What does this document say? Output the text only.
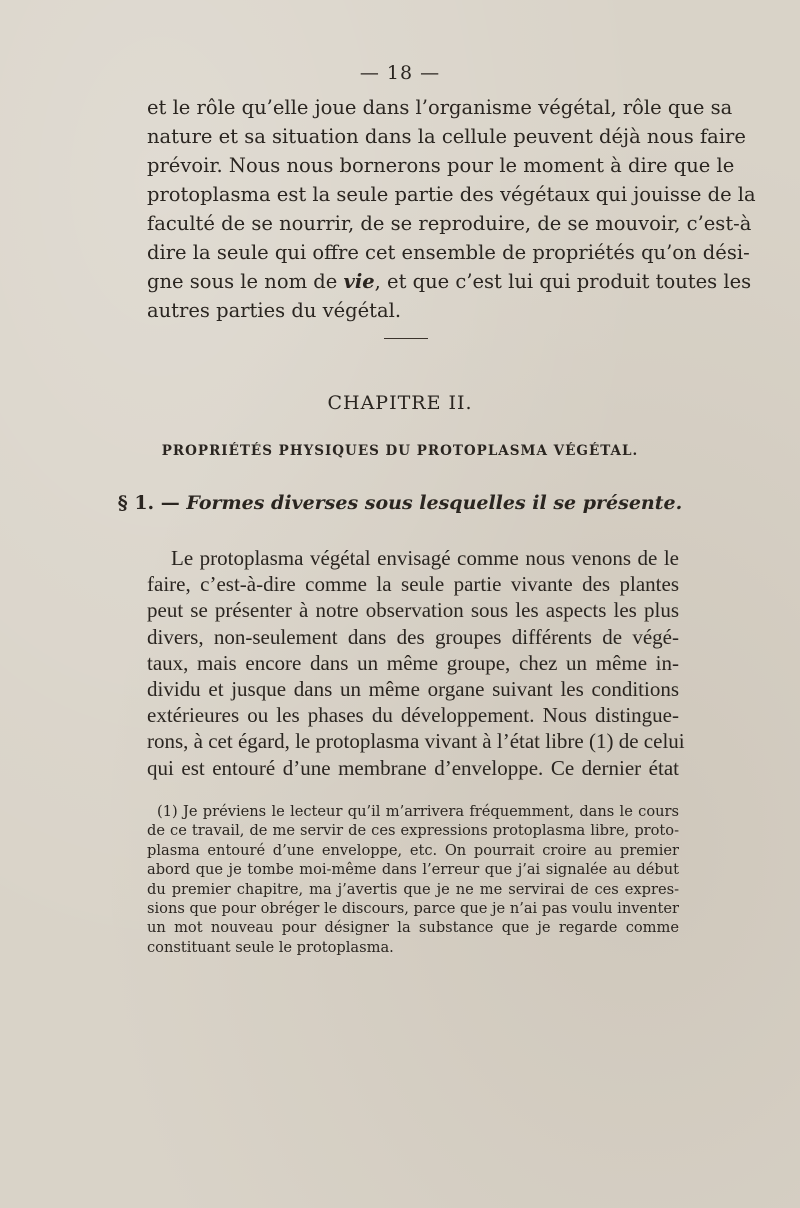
— 18 —
et le rôle qu’elle joue dans l’organisme végétal, rôle que sa
nature et sa situation dans la cellule peuvent déjà nous faire
prévoir. Nous nous bornerons pour le moment à dire que le
protoplasma est la seule partie des végétaux qui jouisse de la
faculté de se nourrir, de se reproduire, de se mouvoir, c’est-à
dire la seule qui offre cet ensemble de propriétés qu’on dési-
gne sous le nom de vie, et que c’est lui qui produit toutes les
autres parties du végétal.
CHAPITRE II.
PROPRIÉTÉS PHYSIQUES DU PROTOPLASMA VÉGÉTAL.
§ 1. — Formes diverses sous lesquelles il se présente.
Le protoplasma végétal envisagé comme nous venons de le
faire, c’est-à-dire comme la seule partie vivante des plantes
peut se présenter à notre observation sous les aspects les plus
divers, non-seulement dans des groupes différents de végé-
taux, mais encore dans un même groupe, chez un même in-
dividu et jusque dans un même organe suivant les conditions
extérieures ou les phases du développement. Nous distingue-
rons, à cet égard, le protoplasma vivant à l’état libre (1) de celui
qui est entouré d’une membrane d’enveloppe. Ce dernier état
(1) Je préviens le lecteur qu’il m’arrivera fréquemment, dans le cours
de ce travail, de me servir de ces expressions protoplasma libre, proto-
plasma entouré d’une enveloppe, etc. On pourrait croire au premier
abord que je tombe moi-même dans l’erreur que j’ai signalée au début
du premier chapitre, ma j’avertis que je ne me servirai de ces expres-
sions que pour obréger le discours, parce que je n’ai pas voulu inventer
un mot nouveau pour désigner la substance que je regarde comme
constituant seule le protoplasma.
